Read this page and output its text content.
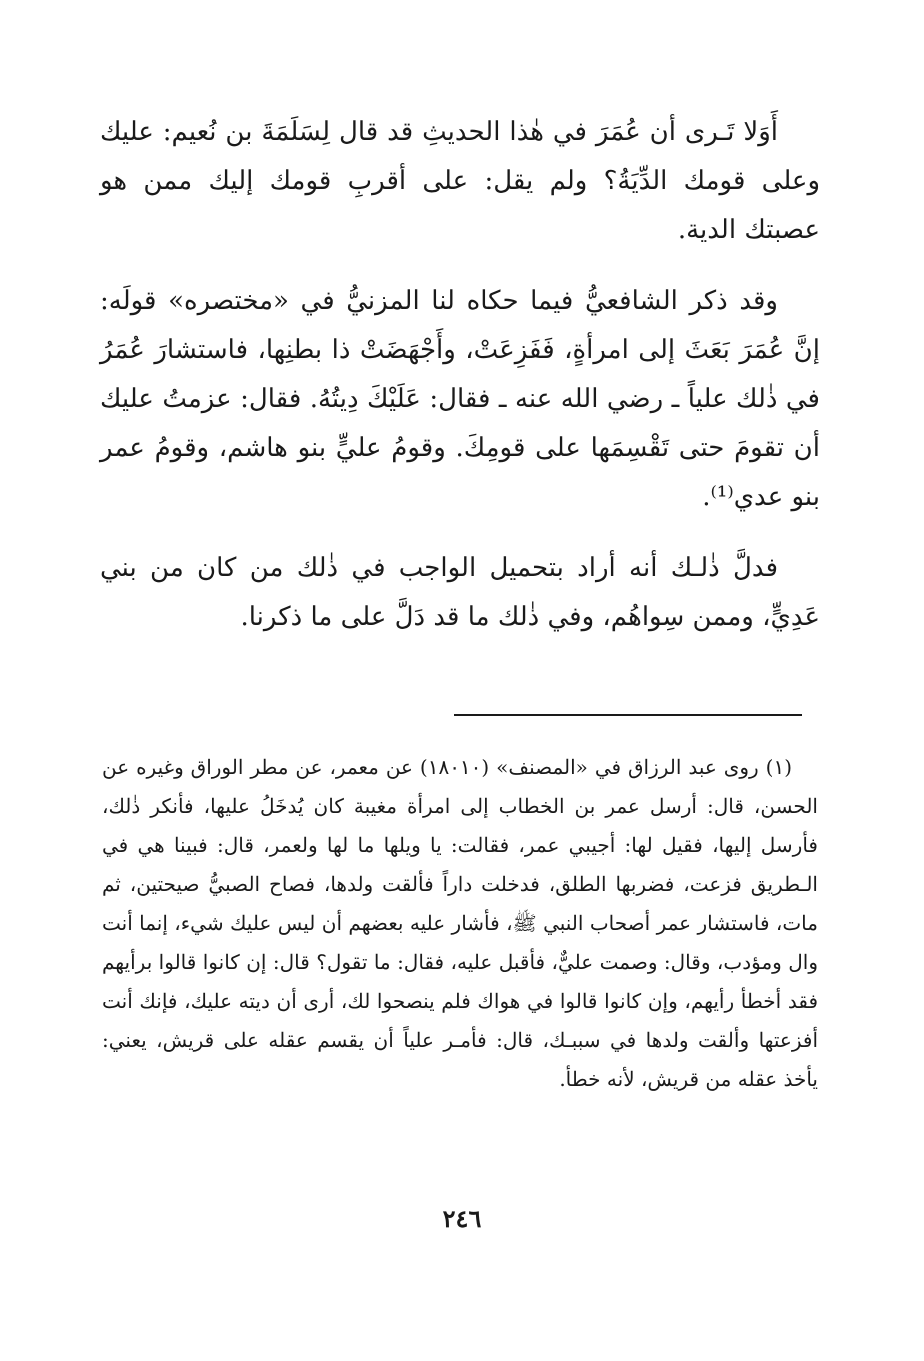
أَوَلا تَـرى أن عُمَرَ في هٰذا الحديثِ قد قال لِسَلَمَةَ بن نُعيم: عليك وعلى قومك الدِّيَةُ؟ ولم يقل: على أقربِ قومك إليك ممن هو عصبتك الدية.

وقد ذكر الشافعيُّ فيما حكاه لنا المزنيُّ في «مختصره» قولَه: إنَّ عُمَرَ بَعَثَ إلى امرأةٍ، فَفَزِعَتْ، وأَجْهَضَتْ ذا بطنِها، فاستشارَ عُمَرُ في ذٰلك علياً ـ رضي الله عنه ـ فقال: عَلَيْكَ دِيتُهُ. فقال: عزمتُ عليك أن تقومَ حتى تَقْسِمَها على قومِكَ. وقومُ عليٍّ بنو هاشم، وقومُ عمر بنو عدي⁽¹⁾.

فدلَّ ذٰلـك أنه أراد بتحميل الواجب في ذٰلك من كان من بني عَدِيٍّ، وممن سِواهُم، وفي ذٰلك ما قد دَلَّ على ما ذكرنا.

(١) روى عبد الرزاق في «المصنف» (١٨٠١٠) عن معمر، عن مطر الوراق وغيره عن الحسن، قال: أرسل عمر بن الخطاب إلى امرأة مغيبة كان يُدخَلُ عليها، فأنكر ذٰلك، فأرسل إليها، فقيل لها: أجيبي عمر، فقالت: يا ويلها ما لها ولعمر، قال: فبينا هي في الـطريق فزعت، فضربها الطلق، فدخلت داراً فألقت ولدها، فصاح الصبيُّ صيحتين، ثم مات، فاستشار عمر أصحاب النبي ﷺ، فأشار عليه بعضهم أن ليس عليك شيء، إنما أنت وال ومؤدب، وقال: وصمت عليٌّ، فأقبل عليه، فقال: ما تقول؟ قال: إن كانوا قالوا برأيهم فقد أخطأ رأيهم، وإن كانوا قالوا في هواك فلم ينصحوا لك، أرى أن ديته عليك، فإنك أنت أفزعتها وألقت ولدها في سببـك، قال: فأمـر علياً أن يقسم عقله على قريش، يعني: يأخذ عقله من قريش، لأنه خطأ.

٢٤٦
